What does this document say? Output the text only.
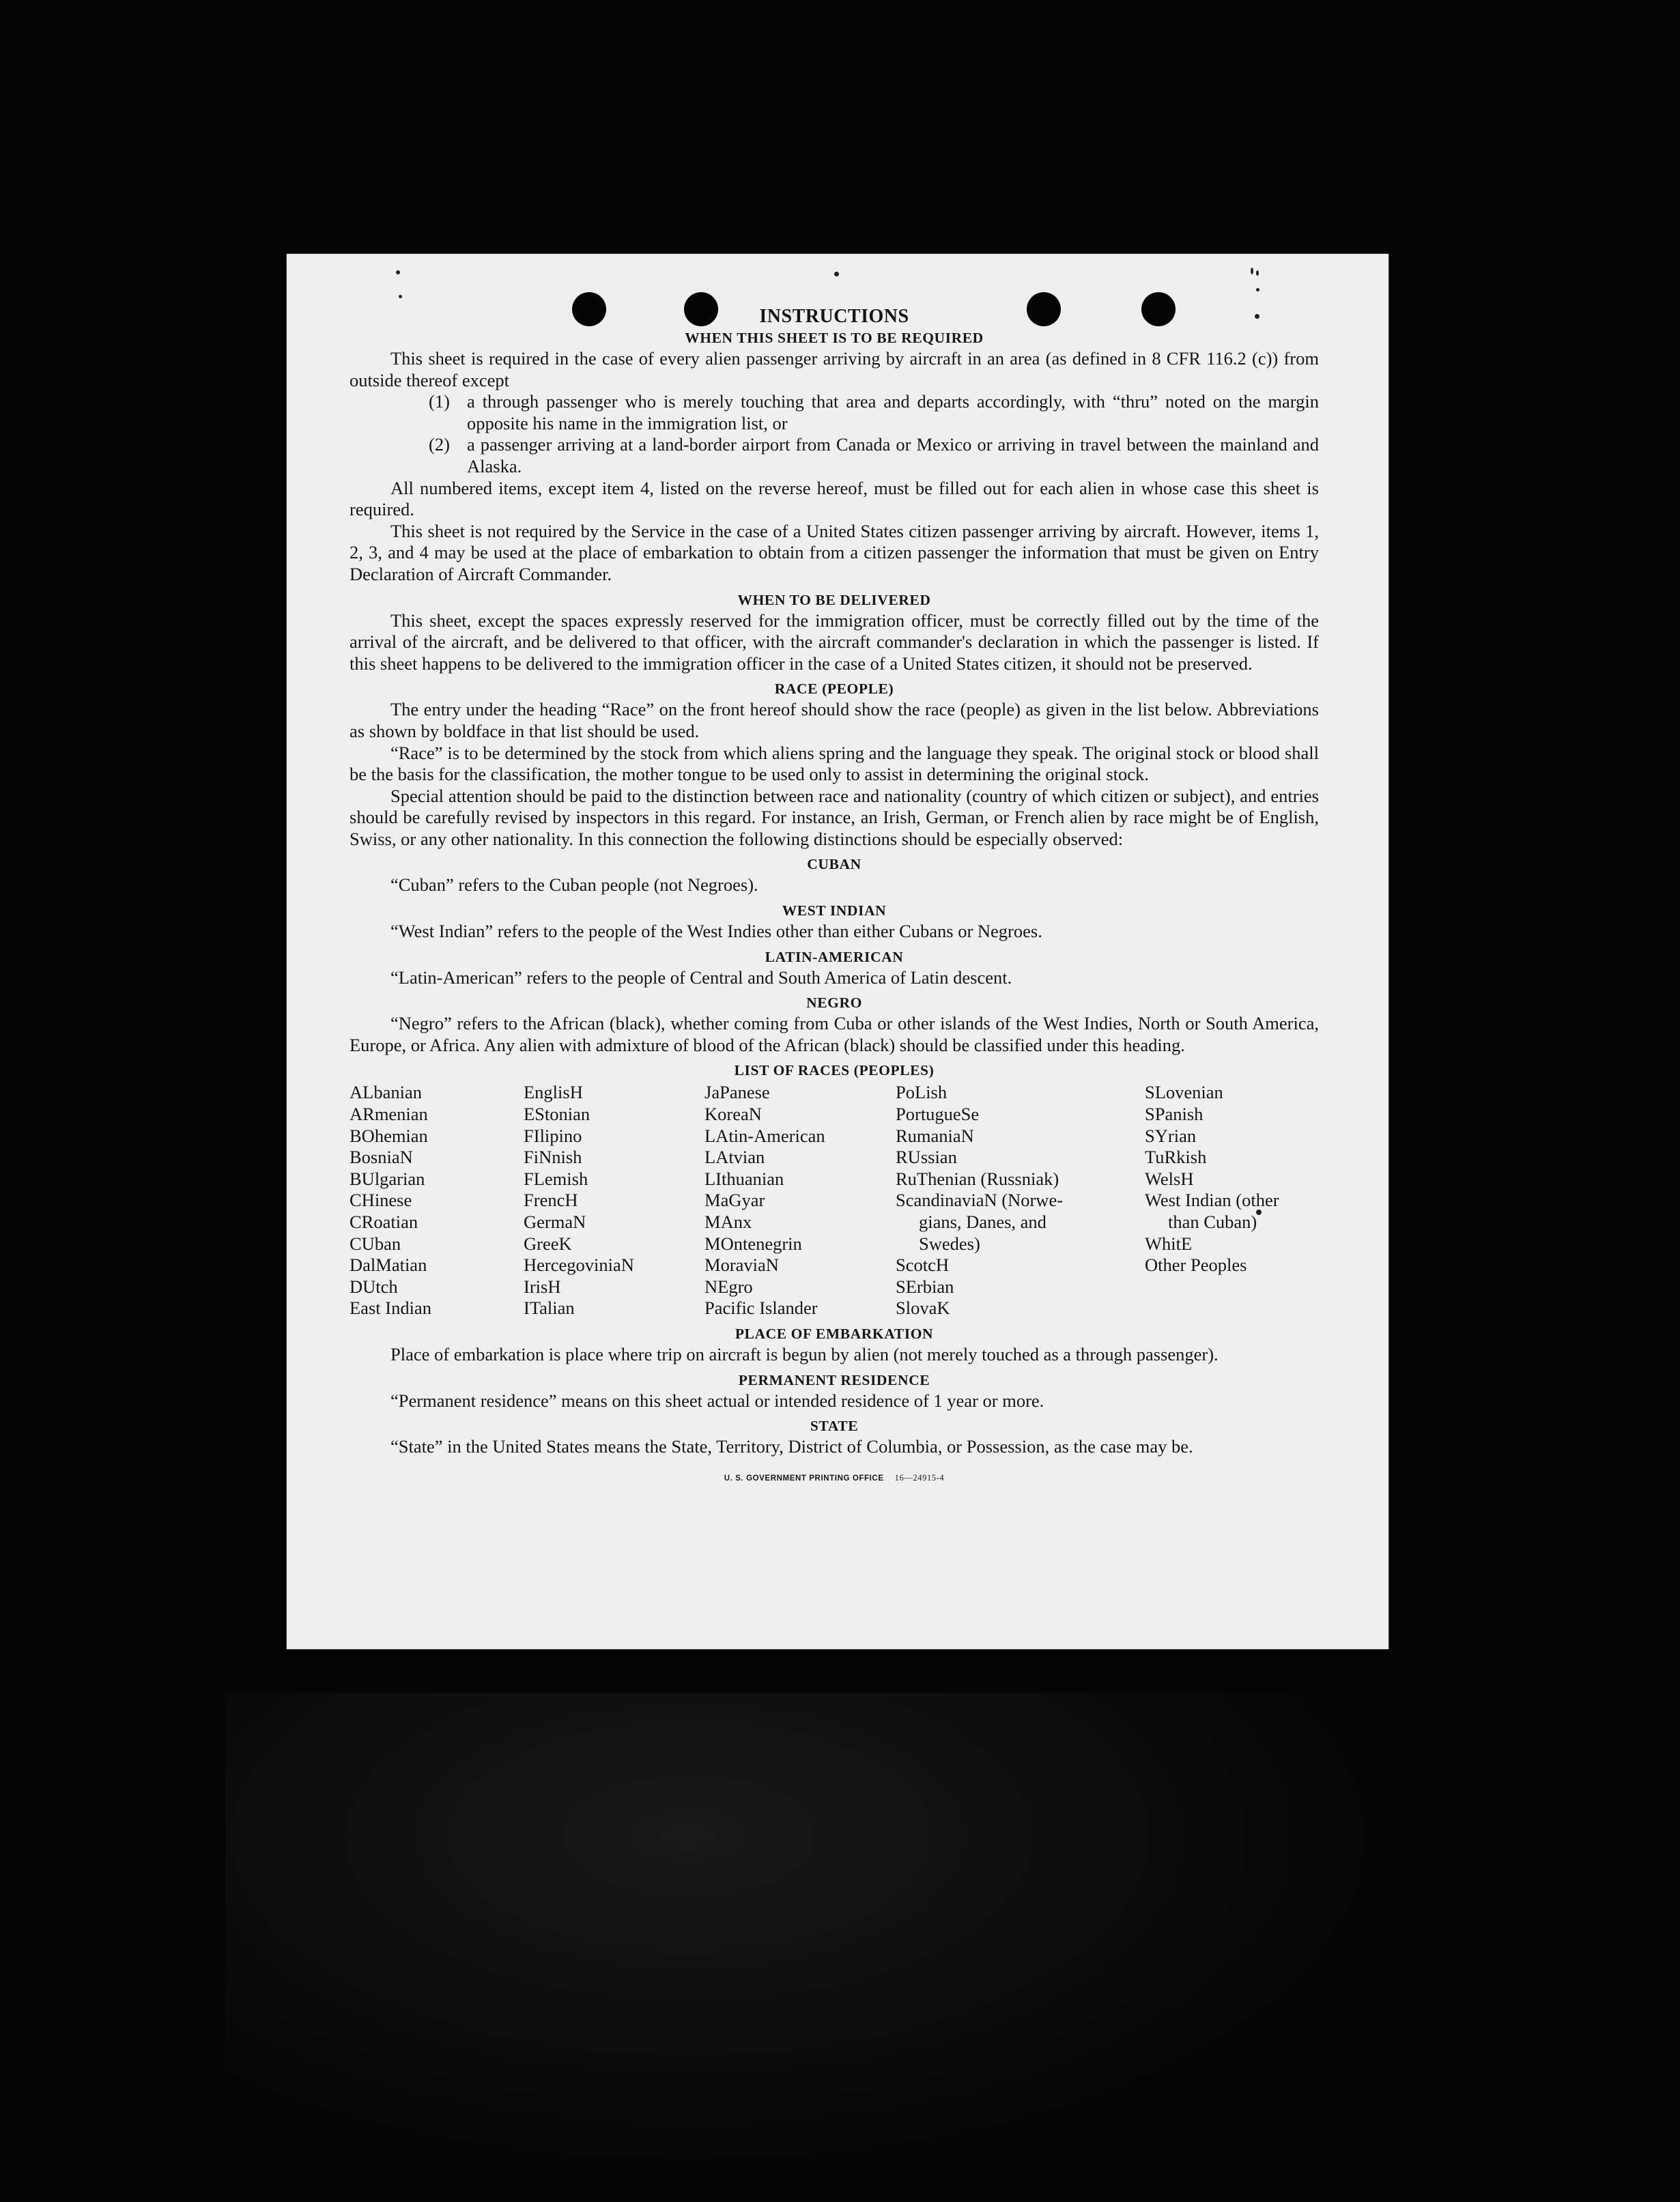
INSTRUCTIONS
WHEN THIS SHEET IS TO BE REQUIRED

This sheet is required in the case of every alien passenger arriving by aircraft in an area (as defined in 8 CFR 116.2 (c)) from outside thereof except

(1) a through passenger who is merely touching that area and departs accordingly, with “thru” noted on the margin opposite his name in the immigration list, or
(2) a passenger arriving at a land-border airport from Canada or Mexico or arriving in travel between the mainland and Alaska.

All numbered items, except item 4, listed on the reverse hereof, must be filled out for each alien in whose case this sheet is required.

This sheet is not required by the Service in the case of a United States citizen passenger arriving by aircraft. However, items 1, 2, 3, and 4 may be used at the place of embarkation to obtain from a citizen passenger the information that must be given on Entry Declaration of Aircraft Commander.

WHEN TO BE DELIVERED

This sheet, except the spaces expressly reserved for the immigration officer, must be correctly filled out by the time of the arrival of the aircraft, and be delivered to that officer, with the aircraft commander's declaration in which the passenger is listed. If this sheet happens to be delivered to the immigration officer in the case of a United States citizen, it should not be preserved.

RACE (PEOPLE)

The entry under the heading “Race” on the front hereof should show the race (people) as given in the list below. Abbreviations as shown by boldface in that list should be used.

“Race” is to be determined by the stock from which aliens spring and the language they speak. The original stock or blood shall be the basis for the classification, the mother tongue to be used only to assist in determining the original stock.

Special attention should be paid to the distinction between race and nationality (country of which citizen or subject), and entries should be carefully revised by inspectors in this regard. For instance, an Irish, German, or French alien by race might be of English, Swiss, or any other nationality. In this connection the following distinctions should be especially observed:

CUBAN

“Cuban” refers to the Cuban people (not Negroes).

WEST INDIAN

“West Indian” refers to the people of the West Indies other than either Cubans or Negroes.

LATIN-AMERICAN

“Latin-American” refers to the people of Central and South America of Latin descent.

NEGRO

“Negro” refers to the African (black), whether coming from Cuba or other islands of the West Indies, North or South America, Europe, or Africa. Any alien with admixture of blood of the African (black) should be classified under this heading.

LIST OF RACES (PEOPLES)
ALbanian
ARmenian
BOhemian
BosniaN
BUlgarian
CHinese
CRoatian
CUban
DalMatian
DUtch
East Indian
EnglisH
EStonian
FIlipino
FiNnish
FLemish
FrencH
GermaN
GreeK
HercegoviniaN
IrisH
ITalian
JaPanese
KoreaN
LAtin-American
LAtvian
LIthuanian
MaGyar
MAnx
MOntenegrin
MoraviaN
NEgro
Pacific Islander
PoLish
PortugueSe
RumaniaN
RUssian
RuThenian (Russniak)
ScandinaviaN (Norwe-
gians, Danes, and
Swedes)
ScotcH
SErbian
SlovaK
SLovenian
SPanish
SYrian
TuRkish
WelsH
West Indian (other
than Cuban)
WhitE
Other Peoples
PLACE OF EMBARKATION

Place of embarkation is place where trip on aircraft is begun by alien (not merely touched as a through passenger).

PERMANENT RESIDENCE

“Permanent residence” means on this sheet actual or intended residence of 1 year or more.

STATE

“State” in the United States means the State, Territory, District of Columbia, or Possession, as the case may be.

U. S. GOVERNMENT PRINTING OFFICE 16—24915-4
